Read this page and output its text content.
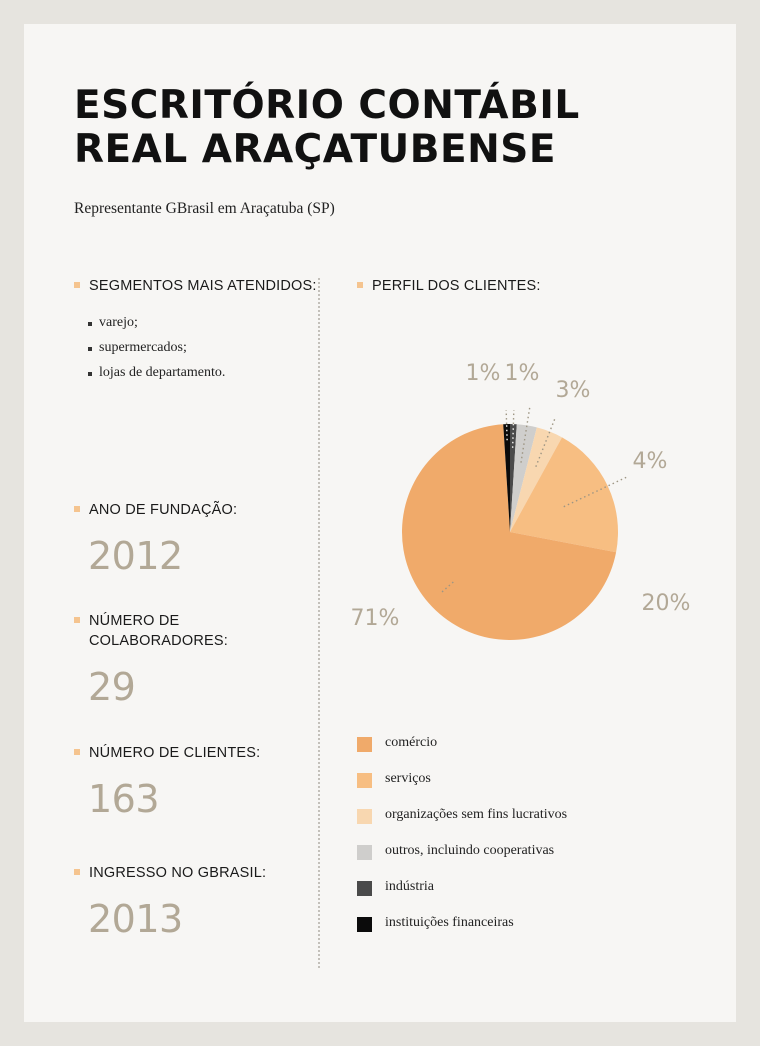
ESCRITÓRIO CONTÁBIL
REAL ARAÇATUBENSE
Representante GBrasil em Araçatuba (SP)
SEGMENTOS MAIS ATENDIDOS:
varejo;
supermercados;
lojas de departamento.
ANO DE FUNDAÇÃO:
2012
NÚMERO DE
COLABORADORES:
29
NÚMERO DE CLIENTES:
163
INGRESSO NO GBRASIL:
2013
PERFIL DOS CLIENTES:
71%
20%
4%
3%
1%
1%
comércio
serviços
organizações sem fins lucrativos
outros, incluindo cooperativas
indústria
instituições financeiras
